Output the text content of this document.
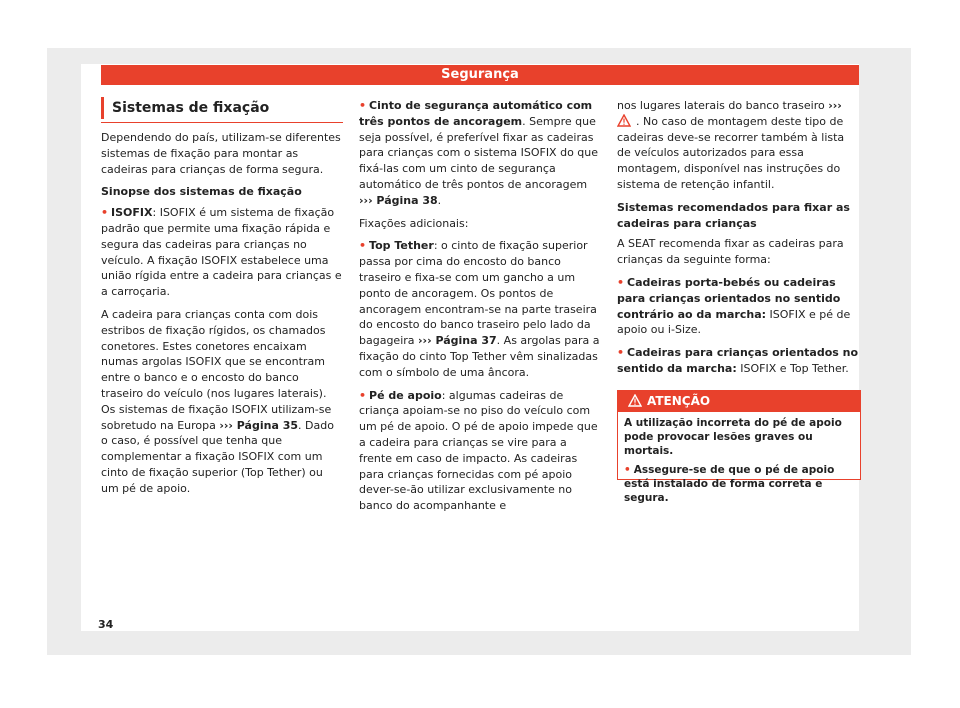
Segurança
Sistemas de fixação

Dependendo do país, utilizam-se diferentes sistemas de fixação para montar as cadeiras para crianças de forma segura.

Sinopse dos sistemas de fixação

• ISOFIX: ISOFIX é um sistema de fixação padrão que permite uma fixação rápida e segura das cadeiras para crianças no veículo. A fixação ISOFIX estabelece uma união rígida entre a cadeira para crianças e a carroçaria.

A cadeira para crianças conta com dois estribos de fixação rígidos, os chamados conetores. Estes conetores encaixam numas argolas ISOFIX que se encontram entre o banco e o encosto do banco traseiro do veículo (nos lugares laterais). Os sistemas de fixação ISOFIX utilizam-se sobretudo na Europa ››› Página 35. Dado o caso, é possível que tenha que complementar a fixação ISOFIX com um cinto de fixação superior (Top Tether) ou um pé de apoio.

• Cinto de segurança automático com três pontos de ancoragem. Sempre que seja possível, é preferível fixar as cadeiras para crianças com o sistema ISOFIX do que fixá-las com um cinto de segurança automático de três pontos de ancoragem ››› Página 38.

Fixações adicionais:

• Top Tether: o cinto de fixação superior passa por cima do encosto do banco traseiro e fixa-se com um gancho a um ponto de ancoragem. Os pontos de ancoragem encontram-se na parte traseira do encosto do banco traseiro pelo lado da bagageira ››› Página 37. As argolas para a fixação do cinto Top Tether vêm sinalizadas com o símbolo de uma âncora.

• Pé de apoio: algumas cadeiras de criança apoiam-se no piso do veículo com um pé de apoio. O pé de apoio impede que a cadeira para crianças se vire para a frente em caso de impacto. As cadeiras para crianças fornecidas com pé apoio dever-se-ão utilizar exclusivamente no banco do acompanhante e

nos lugares laterais do banco traseiro ››› . No caso de montagem deste tipo de cadeiras deve-se recorrer também à lista de veículos autorizados para essa montagem, disponível nas instruções do sistema de retenção infantil.

Sistemas recomendados para fixar as cadeiras para crianças

A SEAT recomenda fixar as cadeiras para crianças da seguinte forma:

• Cadeiras porta-bebés ou cadeiras para crianças orientados no sentido contrário ao da marcha: ISOFIX e pé de apoio ou i-Size.

• Cadeiras para crianças orientados no sentido da marcha: ISOFIX e Top Tether.

ATENÇÃO

A utilização incorreta do pé de apoio pode provocar lesões graves ou mortais.

• Assegure-se de que o pé de apoio está instalado de forma correta e segura.

34
